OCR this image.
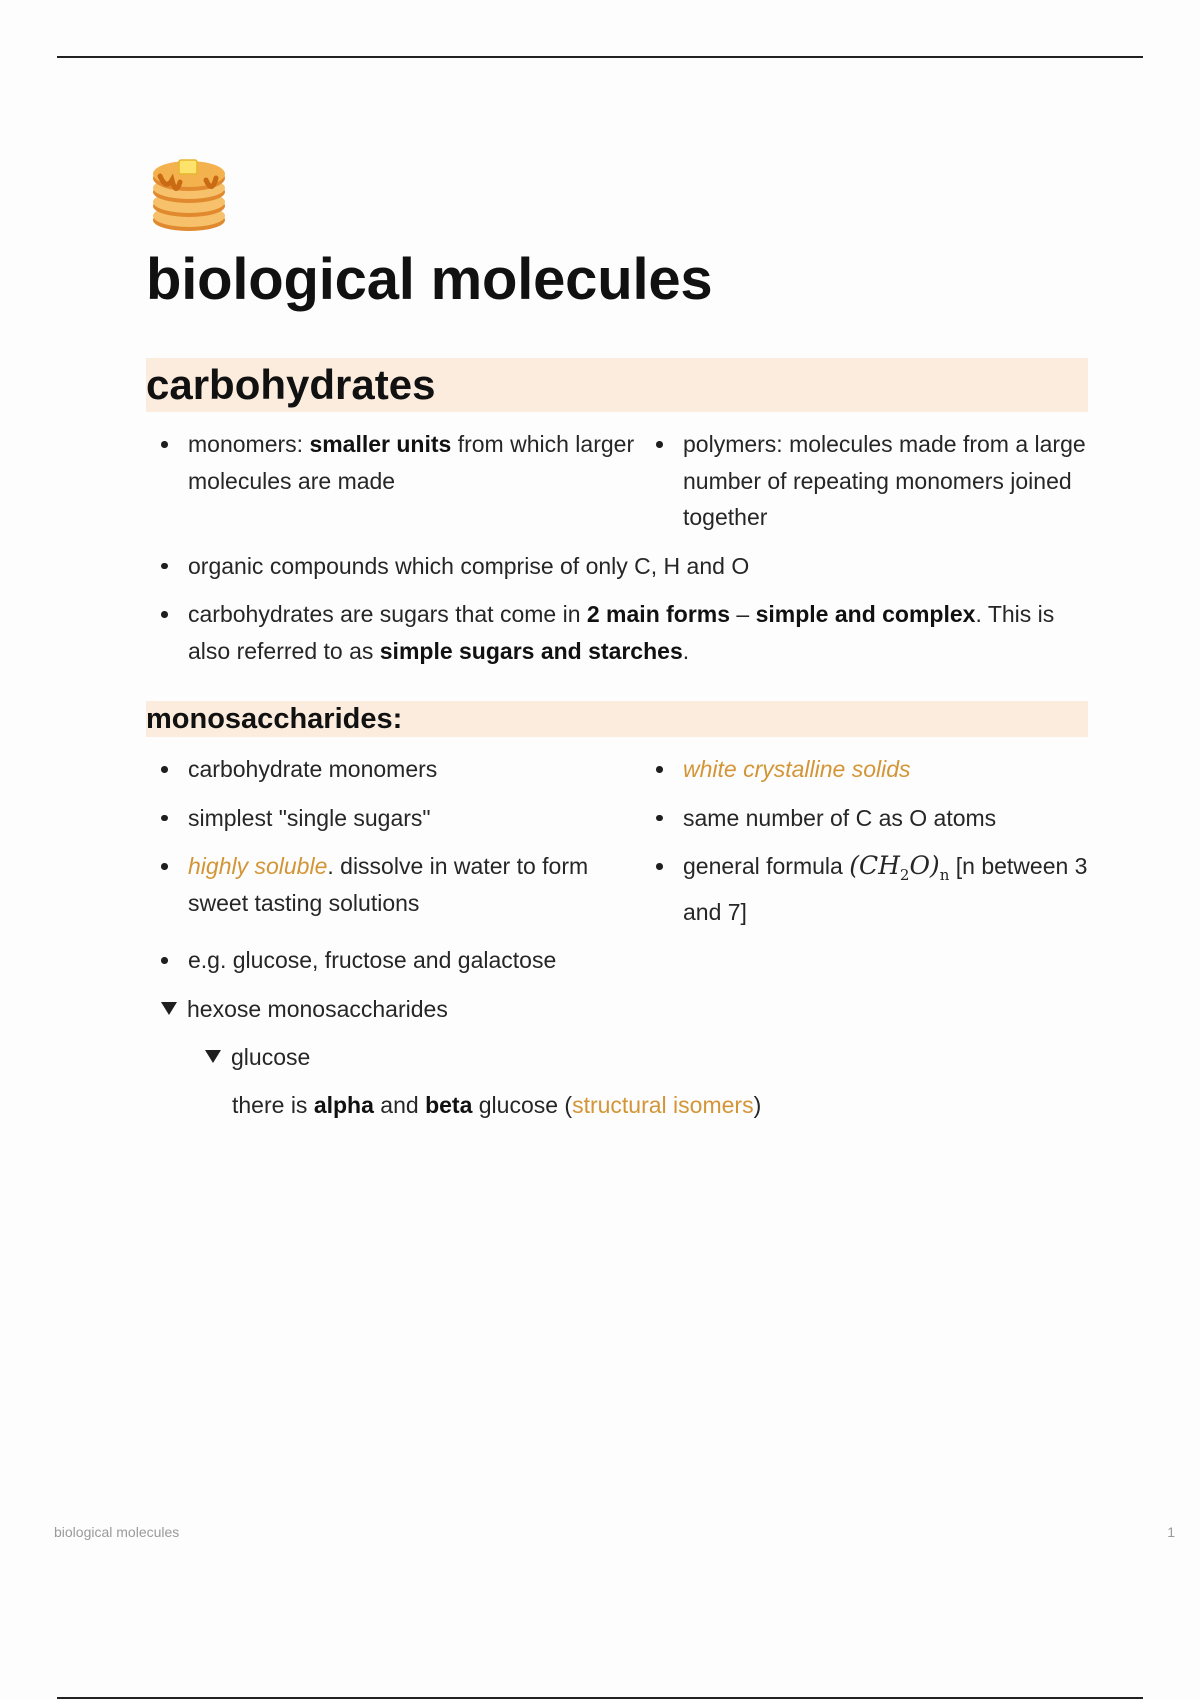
biological molecules
carbohydrates
monomers: smaller units from which larger molecules are made
polymers: molecules made from a large number of repeating monomers joined together
organic compounds which comprise of only C, H and O
carbohydrates are sugars that come in 2 main forms – simple and complex. This is also referred to as simple sugars and starches.
monosaccharides:
carbohydrate monomers
simplest "single sugars"
highly soluble. dissolve in water to form sweet tasting solutions
white crystalline solids
same number of C as O atoms
general formula $(CH_2O)_n$ [n between 3 and 7]
e.g. glucose, fructose and galactose
hexose monosaccharides
glucose
there is alpha and beta glucose (structural isomers)
biological molecules	1
